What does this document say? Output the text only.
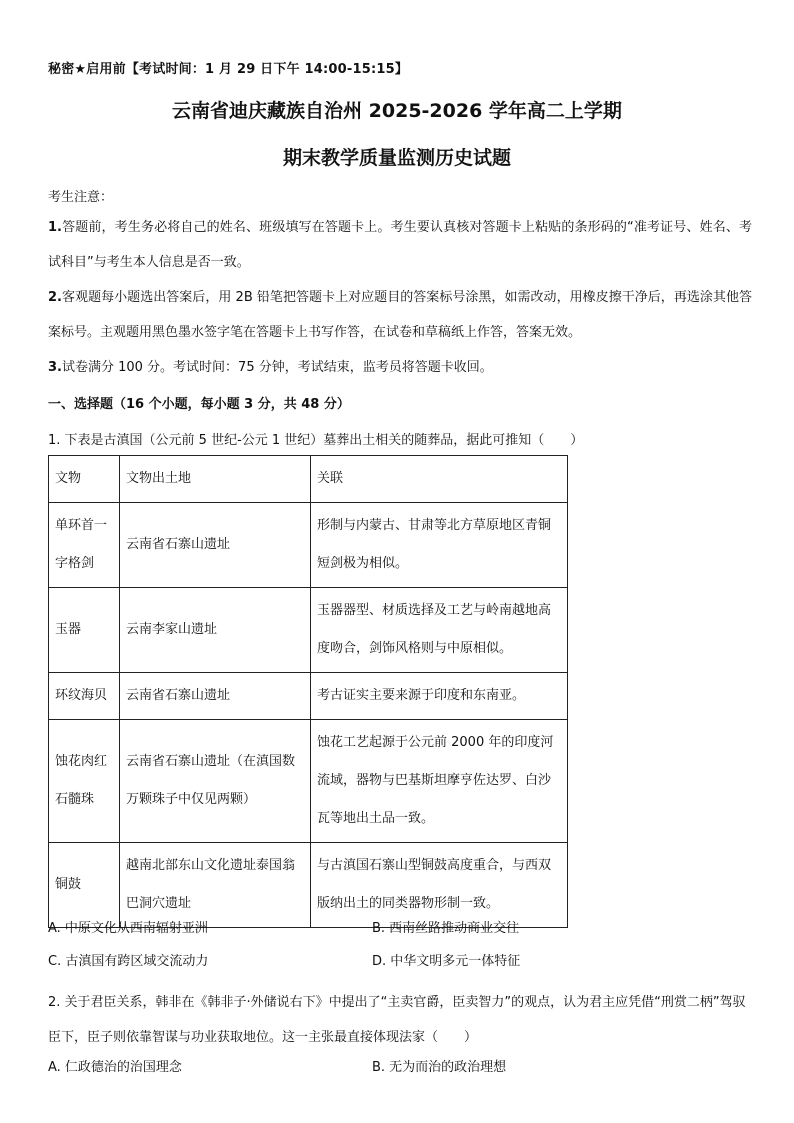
秘密★启用前【考试时间：1 月 29 日下午 14:00-15:15】
云南省迪庆藏族自治州 2025-2026 学年高二上学期
期末教学质量监测历史试题
考生注意：
1.答题前，考生务必将自己的姓名、班级填写在答题卡上。考生要认真核对答题卡上粘贴的条形码的“准考证号、姓名、考试科目”与考生本人信息是否一致。
2.客观题每小题选出答案后，用 2B 铅笔把答题卡上对应题目的答案标号涂黑，如需改动，用橡皮擦干净后，再选涂其他答案标号。主观题用黑色墨水签字笔在答题卡上书写作答，在试卷和草稿纸上作答，答案无效。
3.试卷满分 100 分。考试时间：75 分钟，考试结束，监考员将答题卡收回。
一、选择题（16 个小题，每小题 3 分，共 48 分）
1. 下表是古滇国（公元前 5 世纪-公元 1 世纪）墓葬出土相关的随葬品，据此可推知（　　）
文物	文物出土地	关联
单环首一字格剑	云南省石寨山遗址	形制与内蒙古、甘肃等北方草原地区青铜短剑极为相似。
玉器	云南李家山遗址	玉器器型、材质选择及工艺与岭南越地高度吻合，剑饰风格则与中原相似。
环纹海贝	云南省石寨山遗址	考古证实主要来源于印度和东南亚。
蚀花肉红石髓珠	云南省石寨山遗址（在滇国数万颗珠子中仅见两颗）	蚀花工艺起源于公元前 2000 年的印度河流域，器物与巴基斯坦摩亨佐达罗、白沙瓦等地出土品一致。
铜鼓	越南北部东山文化遗址泰国翁巴洞穴遗址	与古滇国石寨山型铜鼓高度重合，与西双版纳出土的同类器物形制一致。
A. 中原文化从西南辐射亚洲	B. 西南丝路推动商业交往
C. 古滇国有跨区域交流动力	D. 中华文明多元一体特征
2. 关于君臣关系，韩非在《韩非子·外储说右下》中提出了“主卖官爵，臣卖智力”的观点，认为君主应凭借“刑赏二柄”驾驭臣下，臣子则依靠智谋与功业获取地位。这一主张最直接体现法家（　　）
A. 仁政德治的治国理念	B. 无为而治的政治理想
